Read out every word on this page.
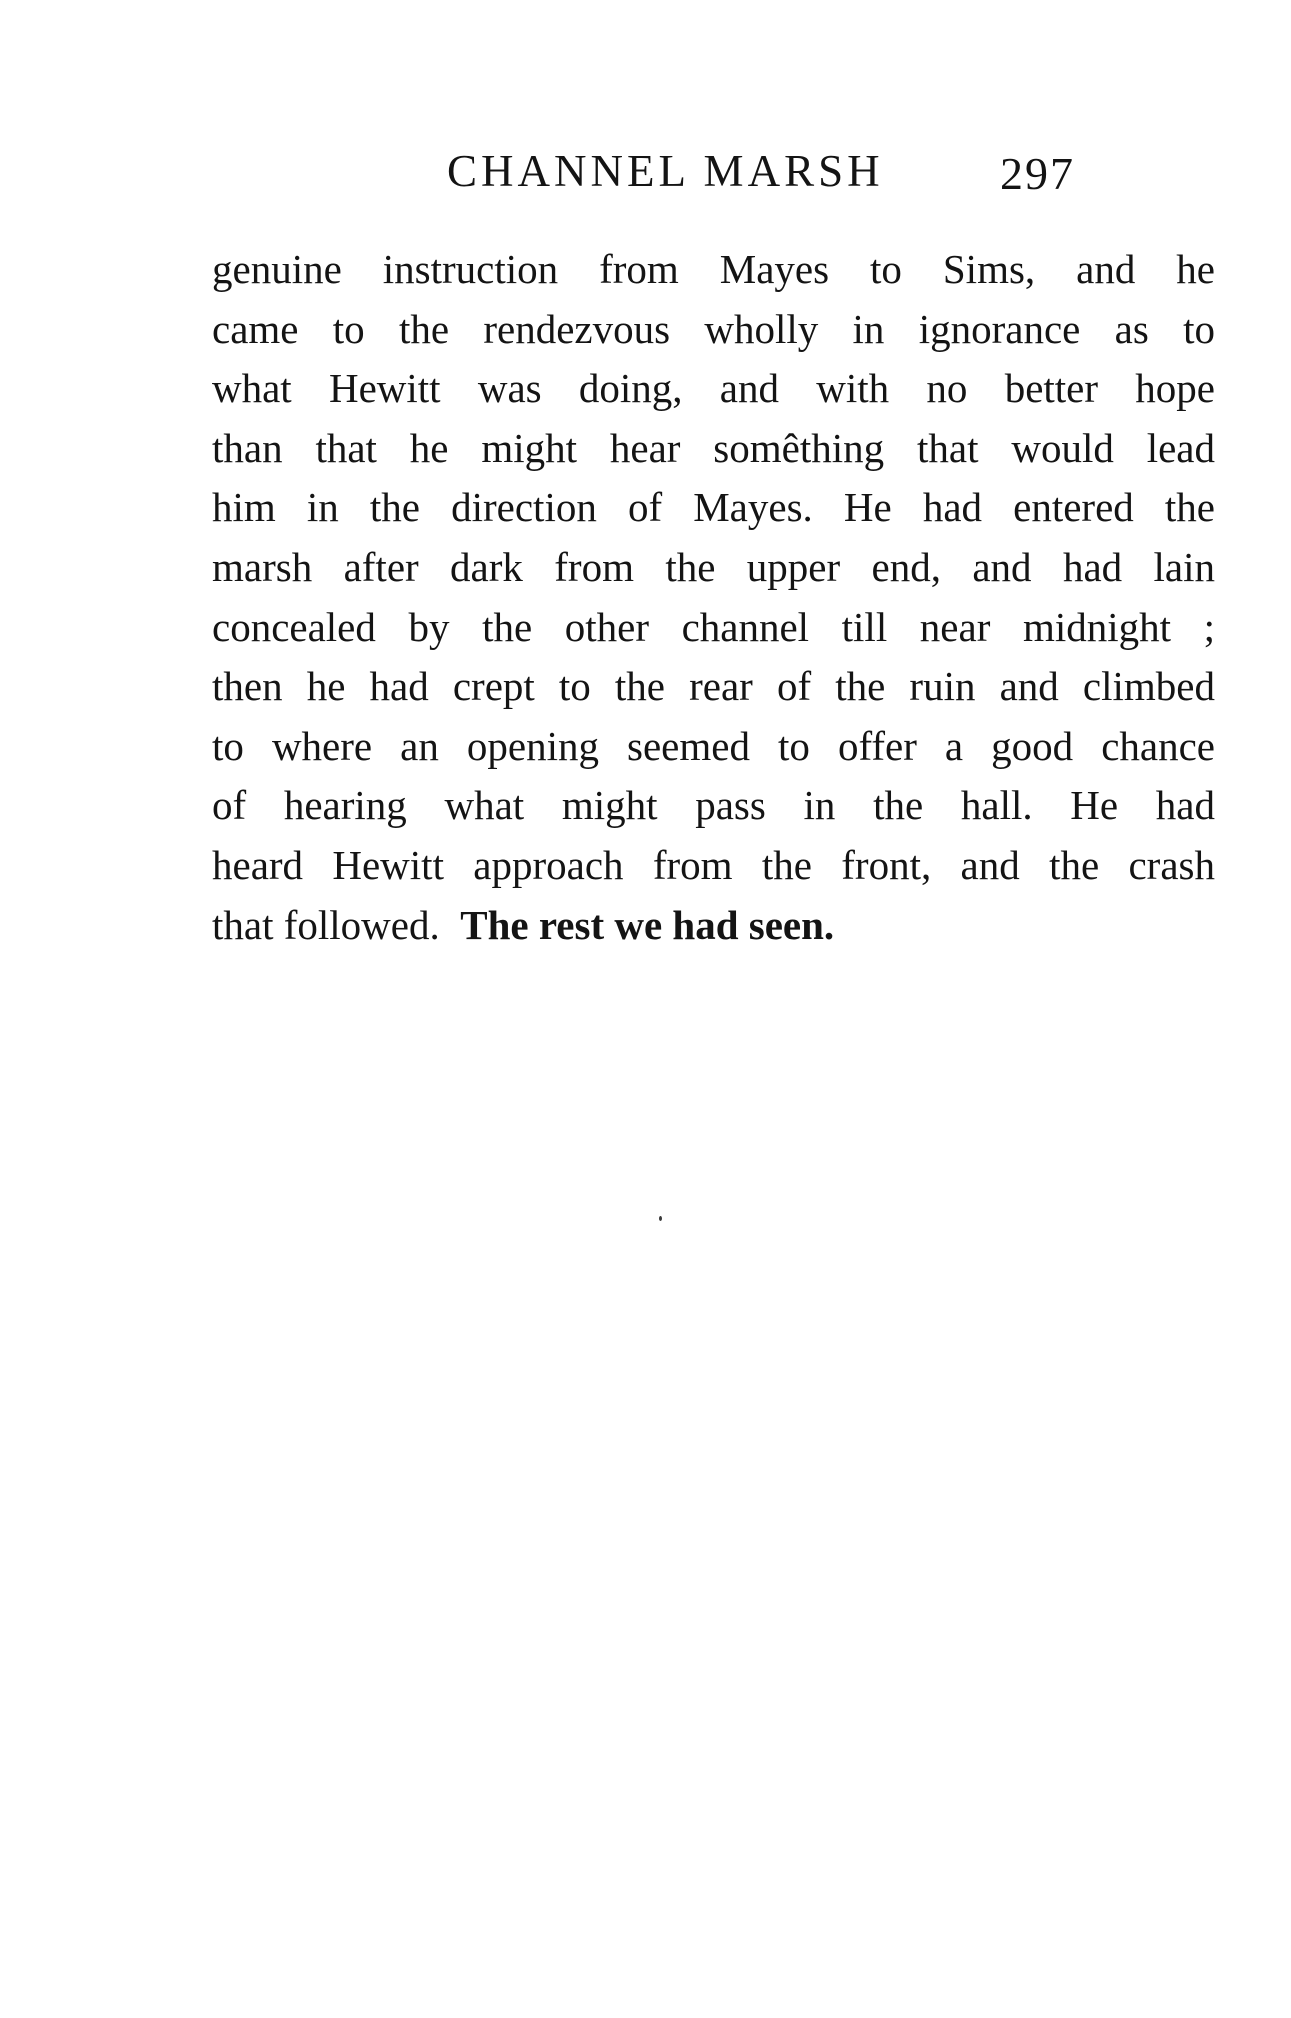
CHANNEL MARSH	297
genuine instruction from Mayes to Sims, and he
came to the rendezvous wholly in ignorance as to
what Hewitt was doing, and with no better hope
than that he might hear somêthing that would lead
him in the direction of Mayes. He had entered the
marsh after dark from the upper end, and had lain
concealed by the other channel till near midnight ;
then he had crept to the rear of the ruin and climbed
to where an opening seemed to offer a good chance
of hearing what might pass in the hall. He had
heard Hewitt approach from the front, and the crash
that followed. The rest we had seen.
